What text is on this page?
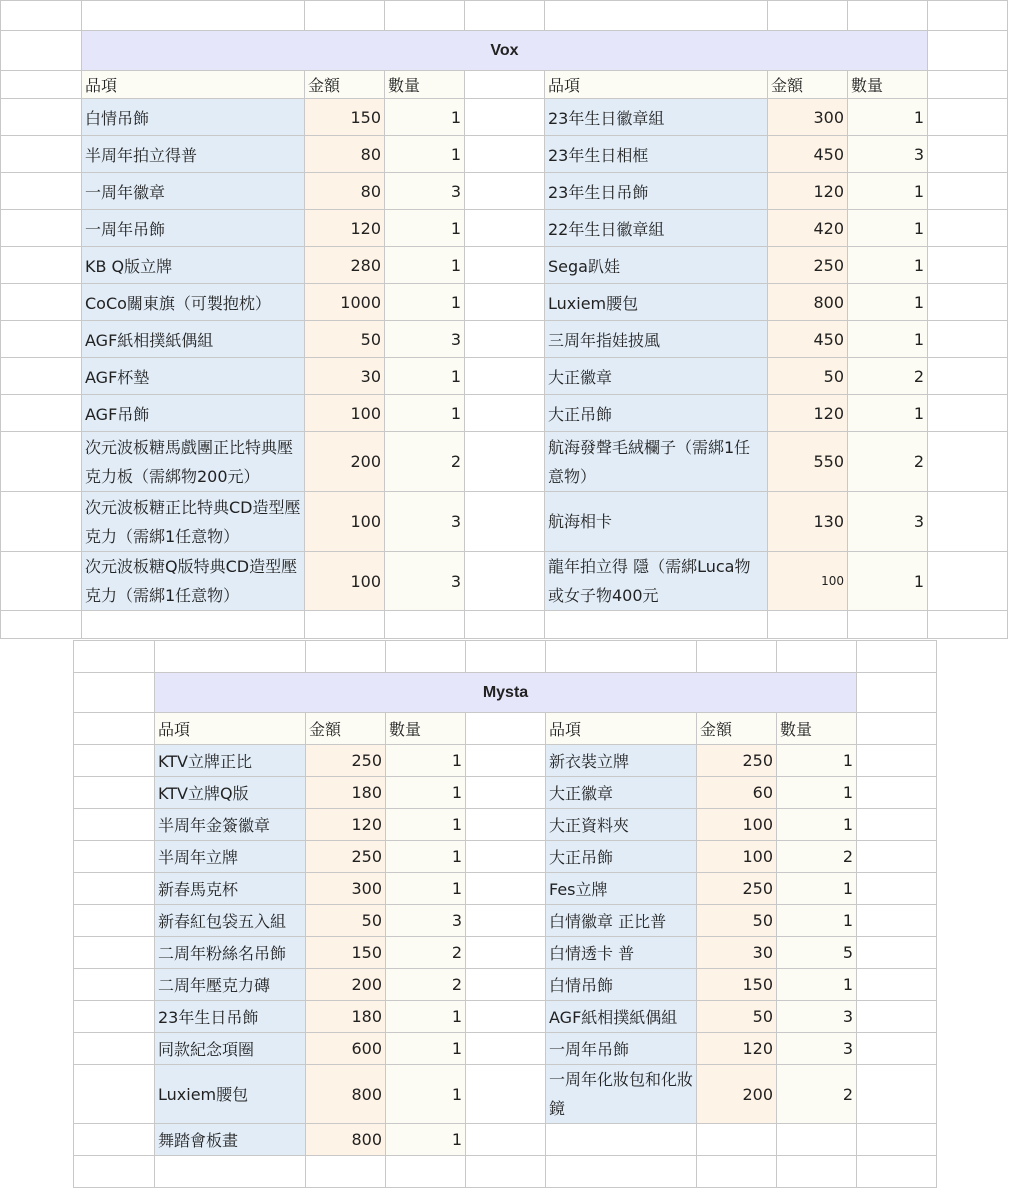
	Vox							
	品項	金額	數量		品項	金額	數量	
	白情吊飾	150	1		23年生日徽章組	300	1	
	半周年拍立得普	80	1		23年生日相框	450	3	
	一周年徽章	80	3		23年生日吊飾	120	1	
	一周年吊飾	120	1		22年生日徽章組	420	1	
	KB Q版立牌	280	1		Sega趴娃	250	1	
	CoCo關東旗（可製抱枕）	1000	1		Luxiem腰包	800	1	
	AGF紙相撲紙偶組	50	3		三周年指娃披風	450	1	
	AGF杯墊	30	1		大正徽章	50	2	
	AGF吊飾	100	1		大正吊飾	120	1	
	次元波板糖馬戲團正比特典壓克力板（需綁物200元）	200	2		航海發聲毛絨欄子（需綁1任意物）	550	2	
	次元波板糖正比特典CD造型壓克力（需綁1任意物）	100	3		航海相卡	130	3	
	次元波板糖Q版特典CD造型壓克力（需綁1任意物）	100	3		龍年拍立得 隱（需綁Luca物或女子物400元	100	1	

	Mysta							
	品項	金額	數量		品項	金額	數量	
	KTV立牌正比	250	1		新衣裝立牌	250	1	
	KTV立牌Q版	180	1		大正徽章	60	1	
	半周年金簽徽章	120	1		大正資料夾	100	1	
	半周年立牌	250	1		大正吊飾	100	2	
	新春馬克杯	300	1		Fes立牌	250	1	
	新春紅包袋五入組	50	3		白情徽章 正比普	50	1	
	二周年粉絲名吊飾	150	2		白情透卡 普	30	5	
	二周年壓克力磚	200	2		白情吊飾	150	1	
	23年生日吊飾	180	1		AGF紙相撲紙偶組	50	3	
	同款紀念項圈	600	1		一周年吊飾	120	3	
	Luxiem腰包	800	1		一周年化妝包和化妝鏡	200	2	
	舞踏會板畫	800	1					
